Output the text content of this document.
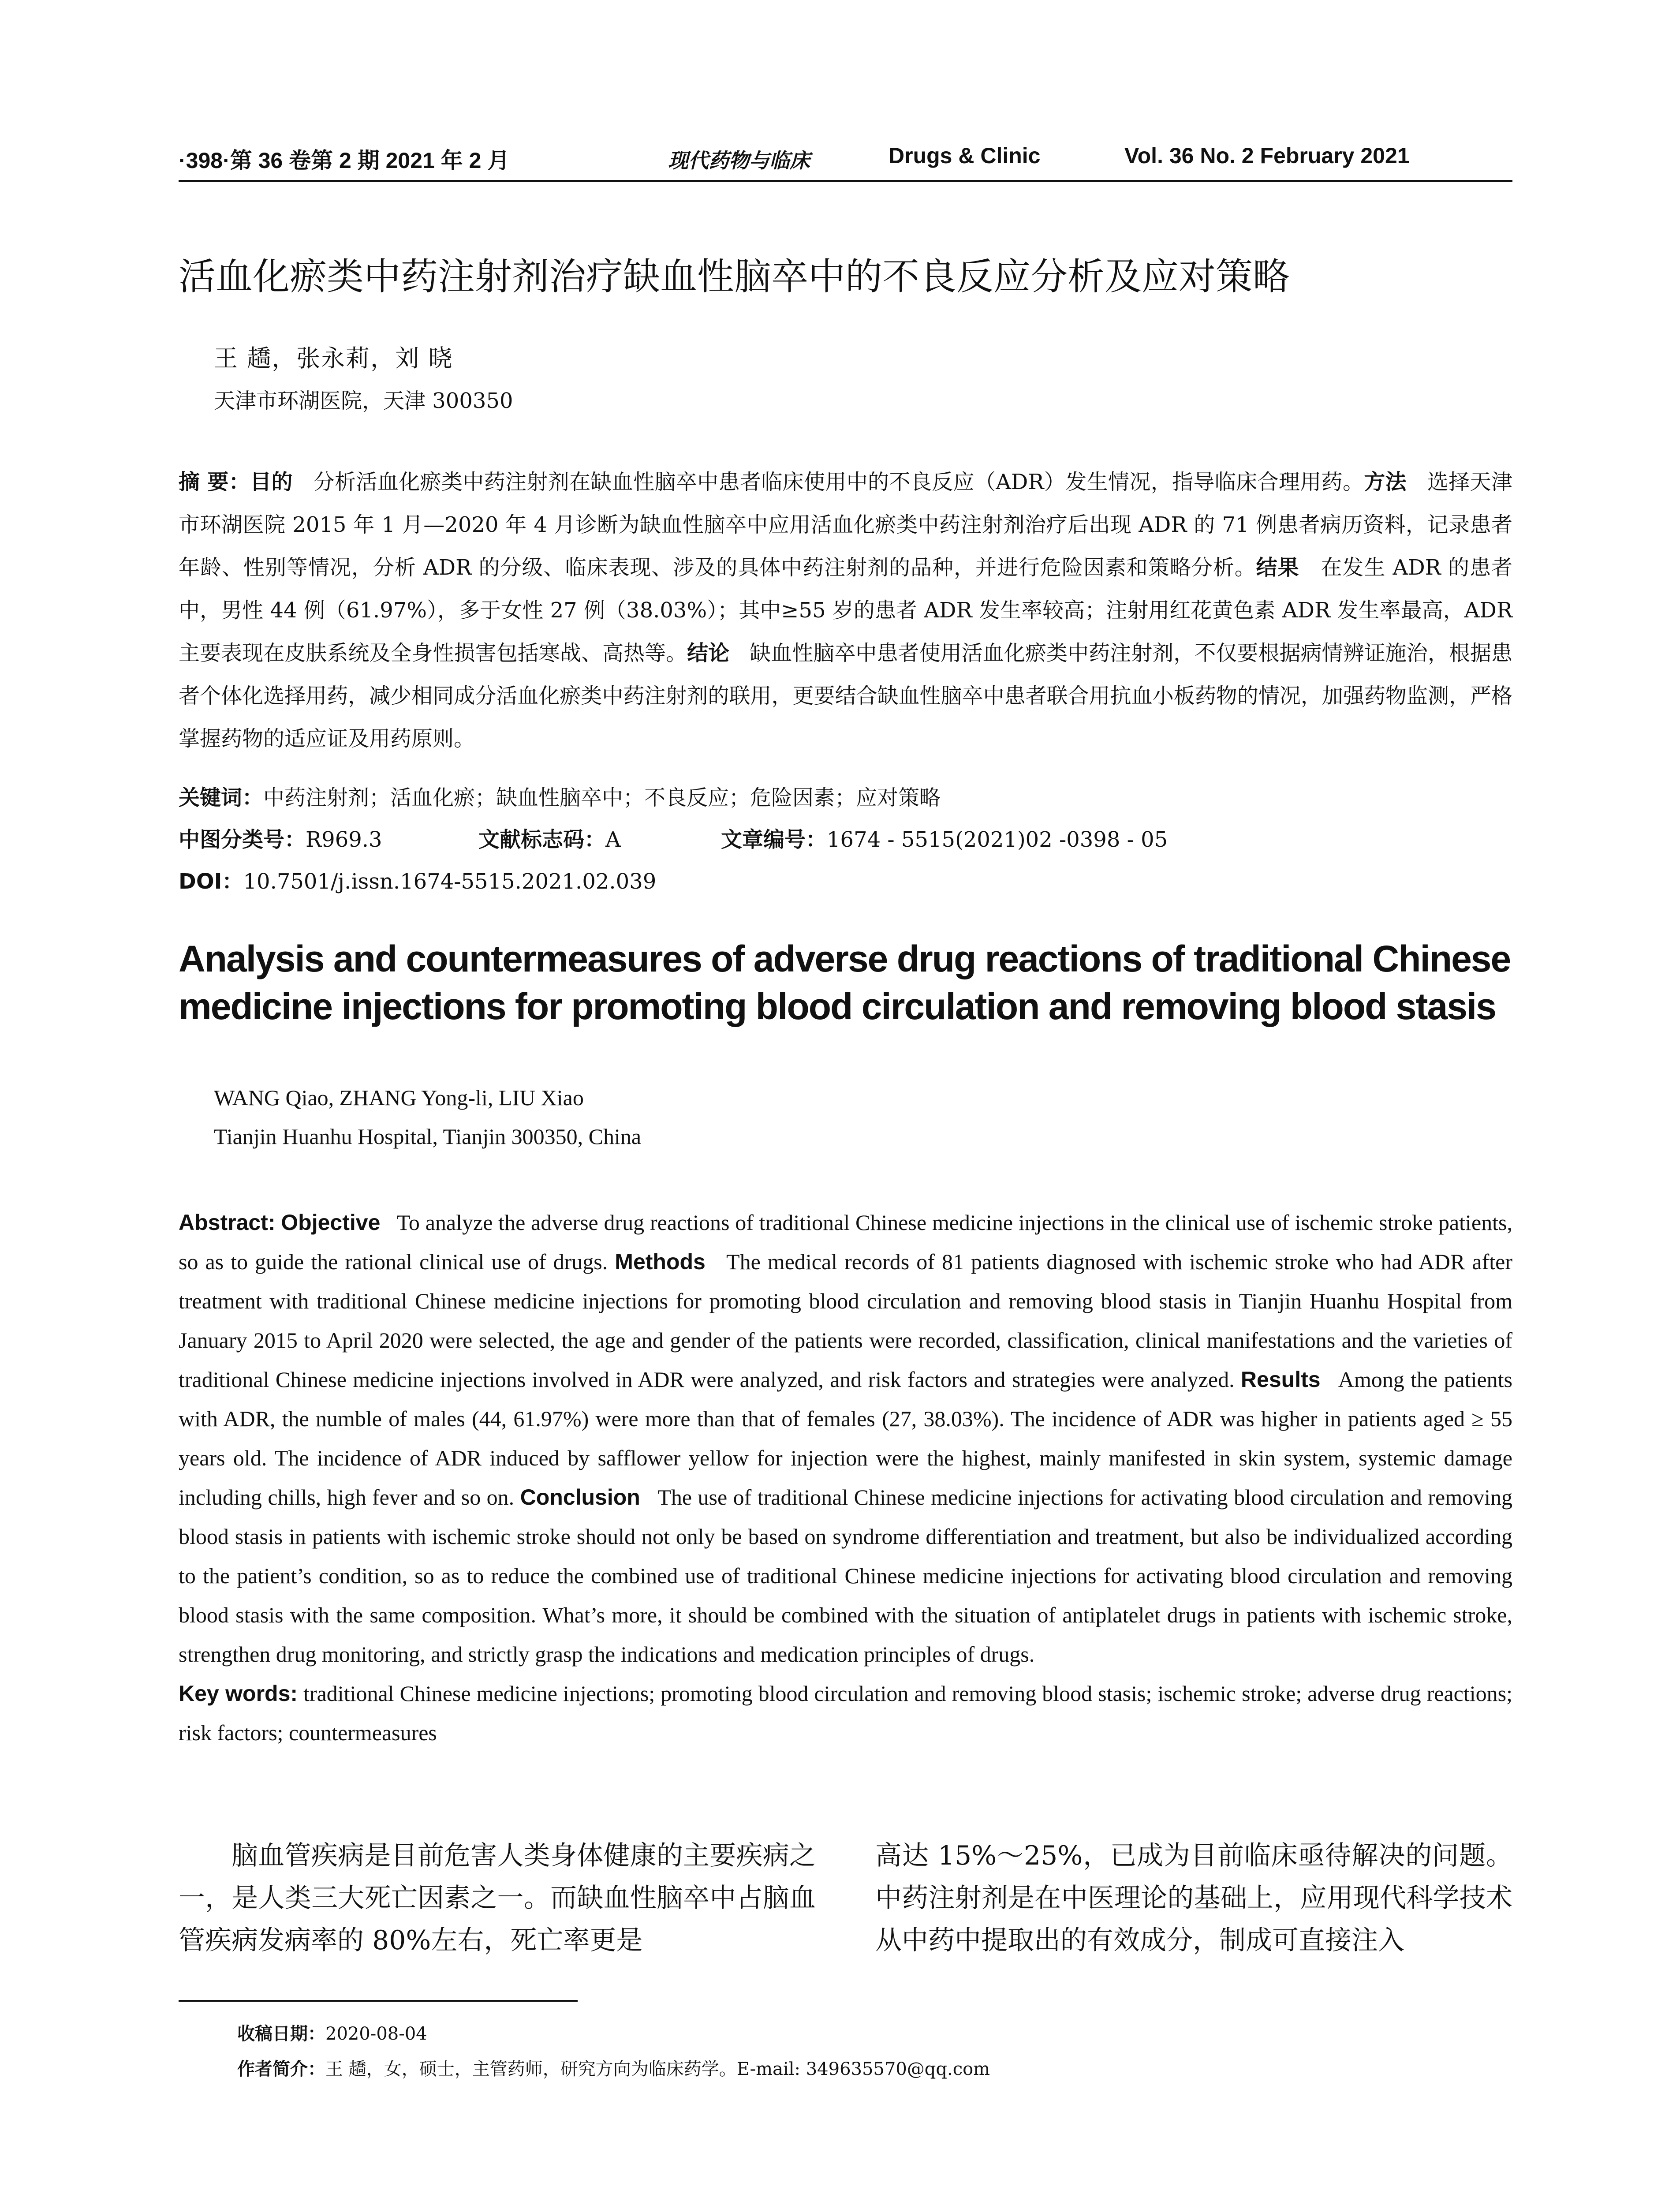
·398·第 36 卷第 2 期 2021 年 2 月	现代药物与临床	Drugs & Clinic	Vol. 36 No. 2 February 2021
活血化瘀类中药注射剂治疗缺血性脑卒中的不良反应分析及应对策略
王 趫，张永莉，刘 晓
天津市环湖医院，天津 300350
摘 要：目的 分析活血化瘀类中药注射剂在缺血性脑卒中患者临床使用中的不良反应（ADR）发生情况，指导临床合理用药。方法 选择天津市环湖医院 2015 年 1 月—2020 年 4 月诊断为缺血性脑卒中应用活血化瘀类中药注射剂治疗后出现 ADR 的 71 例患者病历资料，记录患者年龄、性别等情况，分析 ADR 的分级、临床表现、涉及的具体中药注射剂的品种，并进行危险因素和策略分析。结果 在发生 ADR 的患者中，男性 44 例（61.97%），多于女性 27 例（38.03%）；其中≥55 岁的患者 ADR 发生率较高；注射用红花黄色素 ADR 发生率最高，ADR 主要表现在皮肤系统及全身性损害包括寒战、高热等。结论 缺血性脑卒中患者使用活血化瘀类中药注射剂，不仅要根据病情辨证施治，根据患者个体化选择用药，减少相同成分活血化瘀类中药注射剂的联用，更要结合缺血性脑卒中患者联合用抗血小板药物的情况，加强药物监测，严格掌握药物的适应证及用药原则。
关键词：中药注射剂；活血化瘀；缺血性脑卒中；不良反应；危险因素；应对策略
中图分类号：R969.3	文献标志码：A	文章编号：1674 - 5515(2021)02 -0398 - 05
DOI：10.7501/j.issn.1674-5515.2021.02.039
Analysis and countermeasures of adverse drug reactions of traditional Chinese medicine injections for promoting blood circulation and removing blood stasis
WANG Qiao, ZHANG Yong-li, LIU Xiao
Tianjin Huanhu Hospital, Tianjin 300350, China
Abstract: Objective To analyze the adverse drug reactions of traditional Chinese medicine injections in the clinical use of ischemic stroke patients, so as to guide the rational clinical use of drugs. Methods The medical records of 81 patients diagnosed with ischemic stroke who had ADR after treatment with traditional Chinese medicine injections for promoting blood circulation and removing blood stasis in Tianjin Huanhu Hospital from January 2015 to April 2020 were selected, the age and gender of the patients were recorded, classification, clinical manifestations and the varieties of traditional Chinese medicine injections involved in ADR were analyzed, and risk factors and strategies were analyzed. Results Among the patients with ADR, the numble of males (44, 61.97%) were more than that of females (27, 38.03%). The incidence of ADR was higher in patients aged ≥ 55 years old. The incidence of ADR induced by safflower yellow for injection were the highest, mainly manifested in skin system, systemic damage including chills, high fever and so on. Conclusion The use of traditional Chinese medicine injections for activating blood circulation and removing blood stasis in patients with ischemic stroke should not only be based on syndrome differentiation and treatment, but also be individualized according to the patient’s condition, so as to reduce the combined use of traditional Chinese medicine injections for activating blood circulation and removing blood stasis with the same composition. What’s more, it should be combined with the situation of antiplatelet drugs in patients with ischemic stroke, strengthen drug monitoring, and strictly grasp the indications and medication principles of drugs.
Key words: traditional Chinese medicine injections; promoting blood circulation and removing blood stasis; ischemic stroke; adverse drug reactions; risk factors; countermeasures
脑血管疾病是目前危害人类身体健康的主要疾病之一，是人类三大死亡因素之一。而缺血性脑卒中占脑血管疾病发病率的 80%左右，死亡率更是
高达 15%～25%，已成为目前临床亟待解决的问题。中药注射剂是在中医理论的基础上，应用现代科学技术从中药中提取出的有效成分，制成可直接注入
收稿日期：2020-08-04
作者简介：王 趫，女，硕士，主管药师，研究方向为临床药学。E-mail: 349635570@qq.com
